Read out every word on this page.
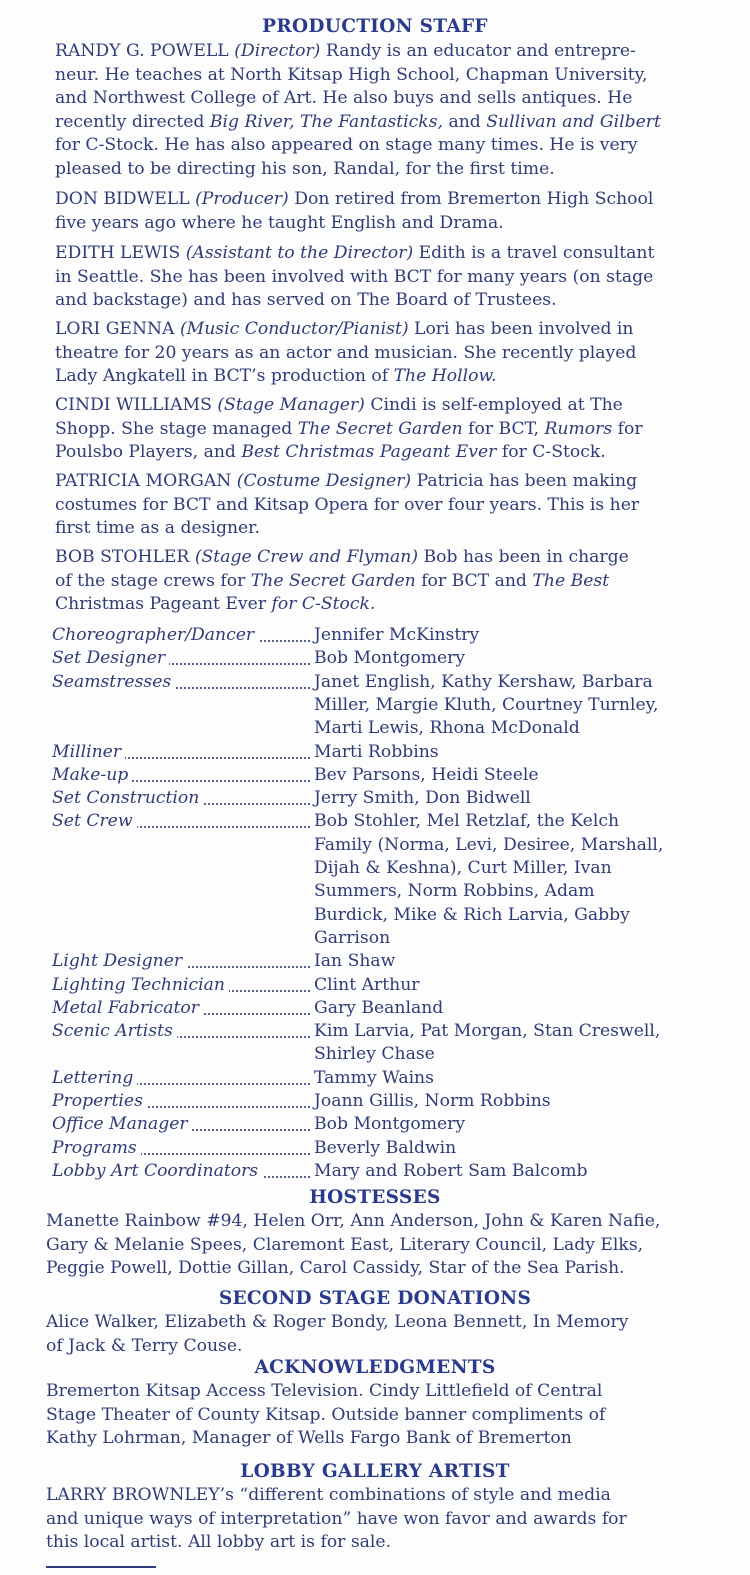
PRODUCTION STAFF
RANDY G. POWELL (Director) Randy is an educator and entrepre-
neur. He teaches at North Kitsap High School, Chapman University,
and Northwest College of Art. He also buys and sells antiques. He
recently directed Big River, The Fantasticks, and Sullivan and Gilbert
for C-Stock. He has also appeared on stage many times. He is very
pleased to be directing his son, Randal, for the first time.
DON BIDWELL (Producer) Don retired from Bremerton High School
five years ago where he taught English and Drama.
EDITH LEWIS (Assistant to the Director) Edith is a travel consultant
in Seattle. She has been involved with BCT for many years (on stage
and backstage) and has served on The Board of Trustees.
LORI GENNA (Music Conductor/Pianist) Lori has been involved in
theatre for 20 years as an actor and musician. She recently played
Lady Angkatell in BCT’s production of The Hollow.
CINDI WILLIAMS (Stage Manager) Cindi is self-employed at The
Shopp. She stage managed The Secret Garden for BCT, Rumors for
Poulsbo Players, and Best Christmas Pageant Ever for C-Stock.
PATRICIA MORGAN (Costume Designer) Patricia has been making
costumes for BCT and Kitsap Opera for over four years. This is her
first time as a designer.
BOB STOHLER (Stage Crew and Flyman) Bob has been in charge
of the stage crews for The Secret Garden for BCT and The Best
Christmas Pageant Ever for C-Stock.
Choreographer/Dancer	Jennifer McKinstry
Set Designer	Bob Montgomery
Seamstresses	Janet English, Kathy Kershaw, Barbara
Miller, Margie Kluth, Courtney Turnley,
Marti Lewis, Rhona McDonald
Milliner	Marti Robbins
Make-up	Bev Parsons, Heidi Steele
Set Construction	Jerry Smith, Don Bidwell
Set Crew	Bob Stohler, Mel Retzlaf, the Kelch
Family (Norma, Levi, Desiree, Marshall,
Dijah & Keshna), Curt Miller, Ivan
Summers, Norm Robbins, Adam
Burdick, Mike & Rich Larvia, Gabby
Garrison
Light Designer	Ian Shaw
Lighting Technician	Clint Arthur
Metal Fabricator	Gary Beanland
Scenic Artists	Kim Larvia, Pat Morgan, Stan Creswell,
Shirley Chase
Lettering	Tammy Wains
Properties	Joann Gillis, Norm Robbins
Office Manager	Bob Montgomery
Programs	Beverly Baldwin
Lobby Art Coordinators	Mary and Robert Sam Balcomb
HOSTESSES
Manette Rainbow #94, Helen Orr, Ann Anderson, John & Karen Nafie,
Gary & Melanie Spees, Claremont East, Literary Council, Lady Elks,
Peggie Powell, Dottie Gillan, Carol Cassidy, Star of the Sea Parish.
SECOND STAGE DONATIONS
Alice Walker, Elizabeth & Roger Bondy, Leona Bennett, In Memory
of Jack & Terry Couse.
ACKNOWLEDGMENTS
Bremerton Kitsap Access Television. Cindy Littlefield of Central
Stage Theater of County Kitsap. Outside banner compliments of
Kathy Lohrman, Manager of Wells Fargo Bank of Bremerton
LOBBY GALLERY ARTIST
LARRY BROWNLEY’s “different combinations of style and media
and unique ways of interpretation” have won favor and awards for
this local artist. All lobby art is for sale.
